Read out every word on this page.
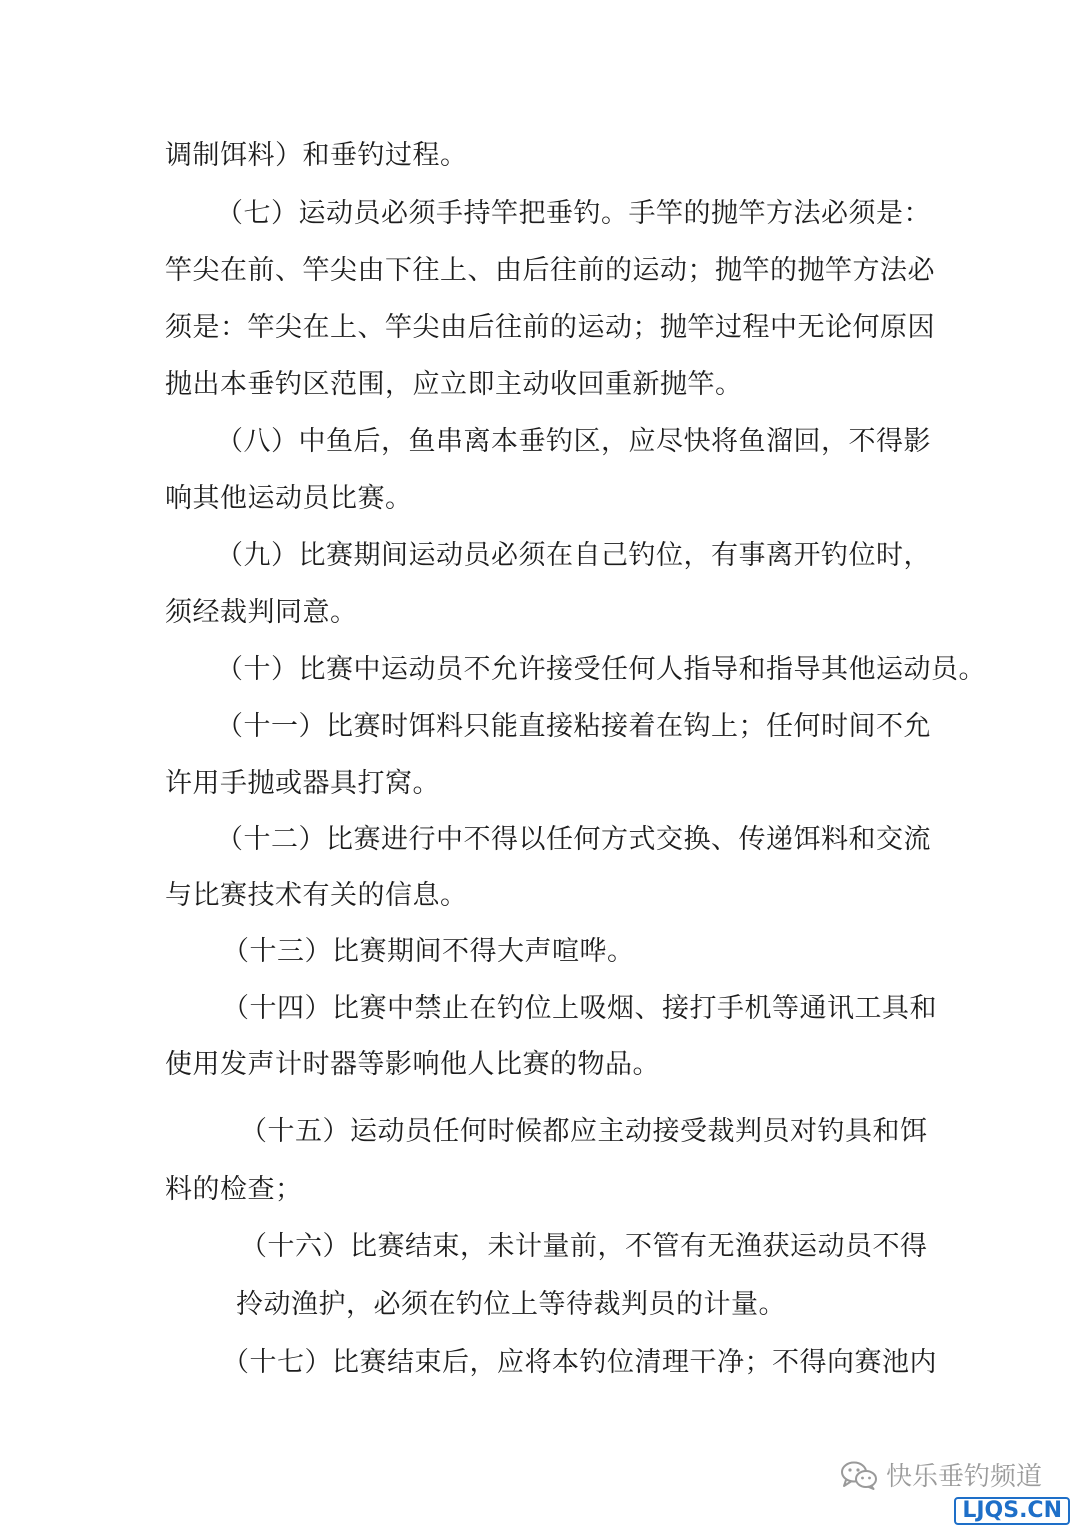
调制饵料）和垂钓过程。
（七）运动员必须手持竿把垂钓。手竿的抛竿方法必须是：
竿尖在前、竿尖由下往上、由后往前的运动；抛竿的抛竿方法必
须是：竿尖在上、竿尖由后往前的运动；抛竿过程中无论何原因
抛出本垂钓区范围，应立即主动收回重新抛竿。
（八）中鱼后，鱼串离本垂钓区，应尽快将鱼溜回，不得影
响其他运动员比赛。
（九）比赛期间运动员必须在自己钓位，有事离开钓位时，
须经裁判同意。
（十）比赛中运动员不允许接受任何人指导和指导其他运动员。
（十一）比赛时饵料只能直接粘接着在钩上；任何时间不允
许用手抛或器具打窝。
（十二）比赛进行中不得以任何方式交换、传递饵料和交流
与比赛技术有关的信息。
（十三）比赛期间不得大声喧哗。
（十四）比赛中禁止在钓位上吸烟、接打手机等通讯工具和
使用发声计时器等影响他人比赛的物品。
（十五）运动员任何时候都应主动接受裁判员对钓具和饵
料的检查；
（十六）比赛结束，未计量前，不管有无渔获运动员不得
拎动渔护，必须在钓位上等待裁判员的计量。
（十七）比赛结束后，应将本钓位清理干净；不得向赛池内
快乐垂钓频道
LJQS.CN
